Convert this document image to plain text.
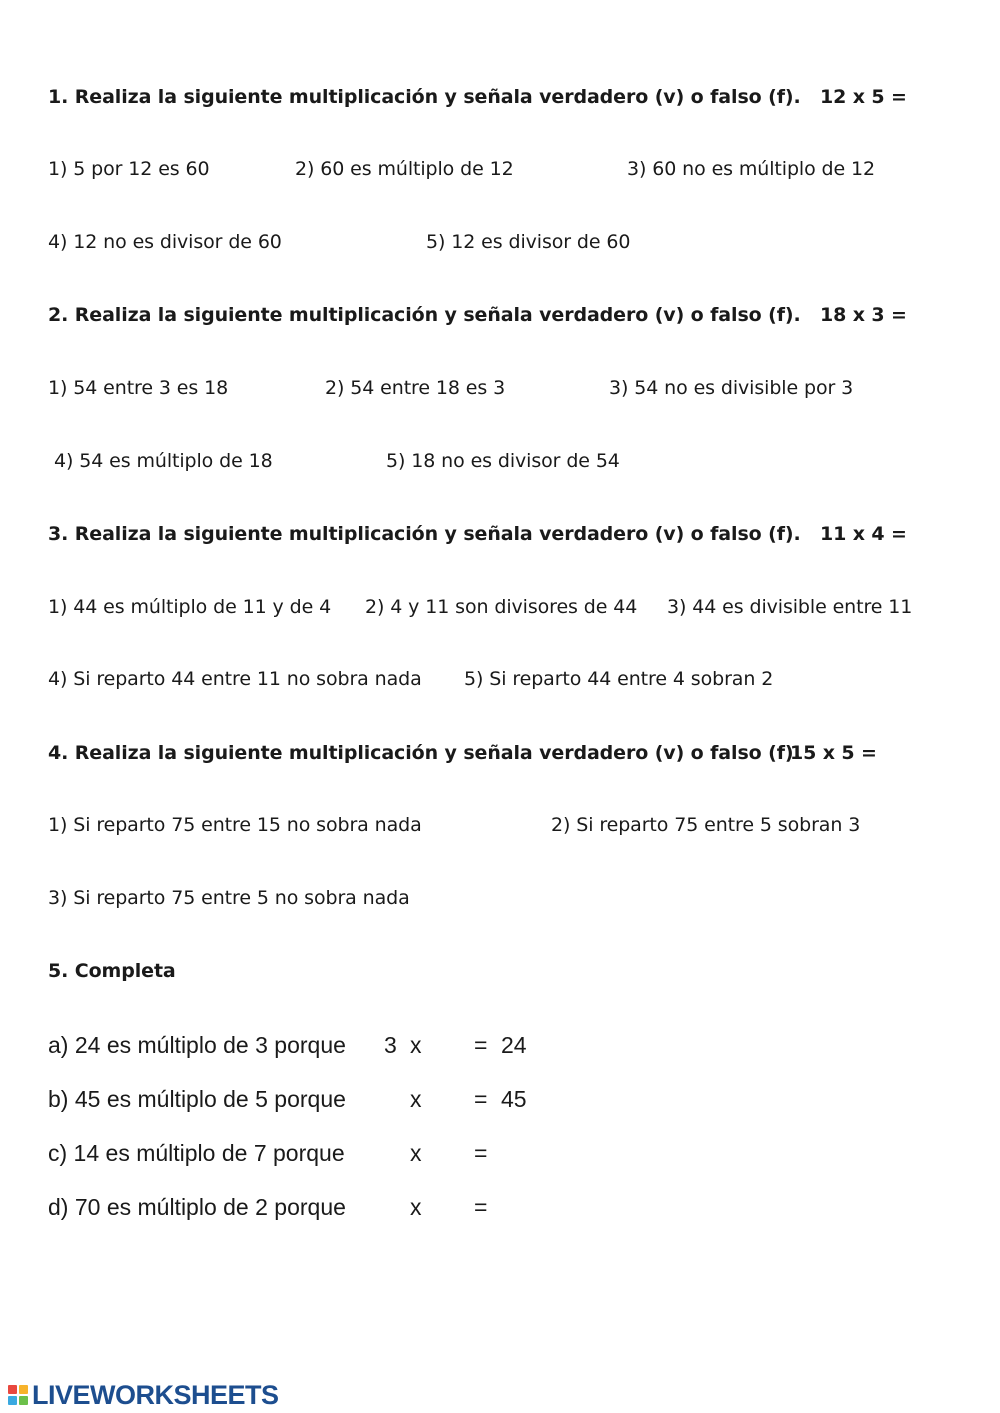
1. Realiza la siguiente multiplicación y señala verdadero (v) o falso (f). 12 x 5 =
1) 5 por 12 es 60	2) 60 es múltiplo de 12	3) 60 no es múltiplo de 12
4) 12 no es divisor de 60	5) 12 es divisor de 60
2. Realiza la siguiente multiplicación y señala verdadero (v) o falso (f). 18 x 3 =
1) 54 entre 3 es 18	2) 54 entre 18 es 3	3) 54 no es divisible por 3
4) 54 es múltiplo de 18	5) 18 no es divisor de 54
3. Realiza la siguiente multiplicación y señala verdadero (v) o falso (f). 11 x 4 =
1) 44 es múltiplo de 11 y de 4 2) 4 y 11 son divisores de 44 3) 44 es divisible entre 11
4) Si reparto 44 entre 11 no sobra nada 5) Si reparto 44 entre 4 sobran 2
4. Realiza la siguiente multiplicación y señala verdadero (v) o falso (f).
15 x 5 =
1) Si reparto 75 entre 15 no sobra nada	2) Si reparto 75 entre 5 sobran 3
3) Si reparto 75 entre 5 no sobra nada
5. Completa
a) 24 es múltiplo de 3 porque 3 x = 24
b) 45 es múltiplo de 5 porque	x = 45
c) 14 es múltiplo de 7 porque	x =
d) 70 es múltiplo de 2 porque	x =
LIVEWORKSHEETS
